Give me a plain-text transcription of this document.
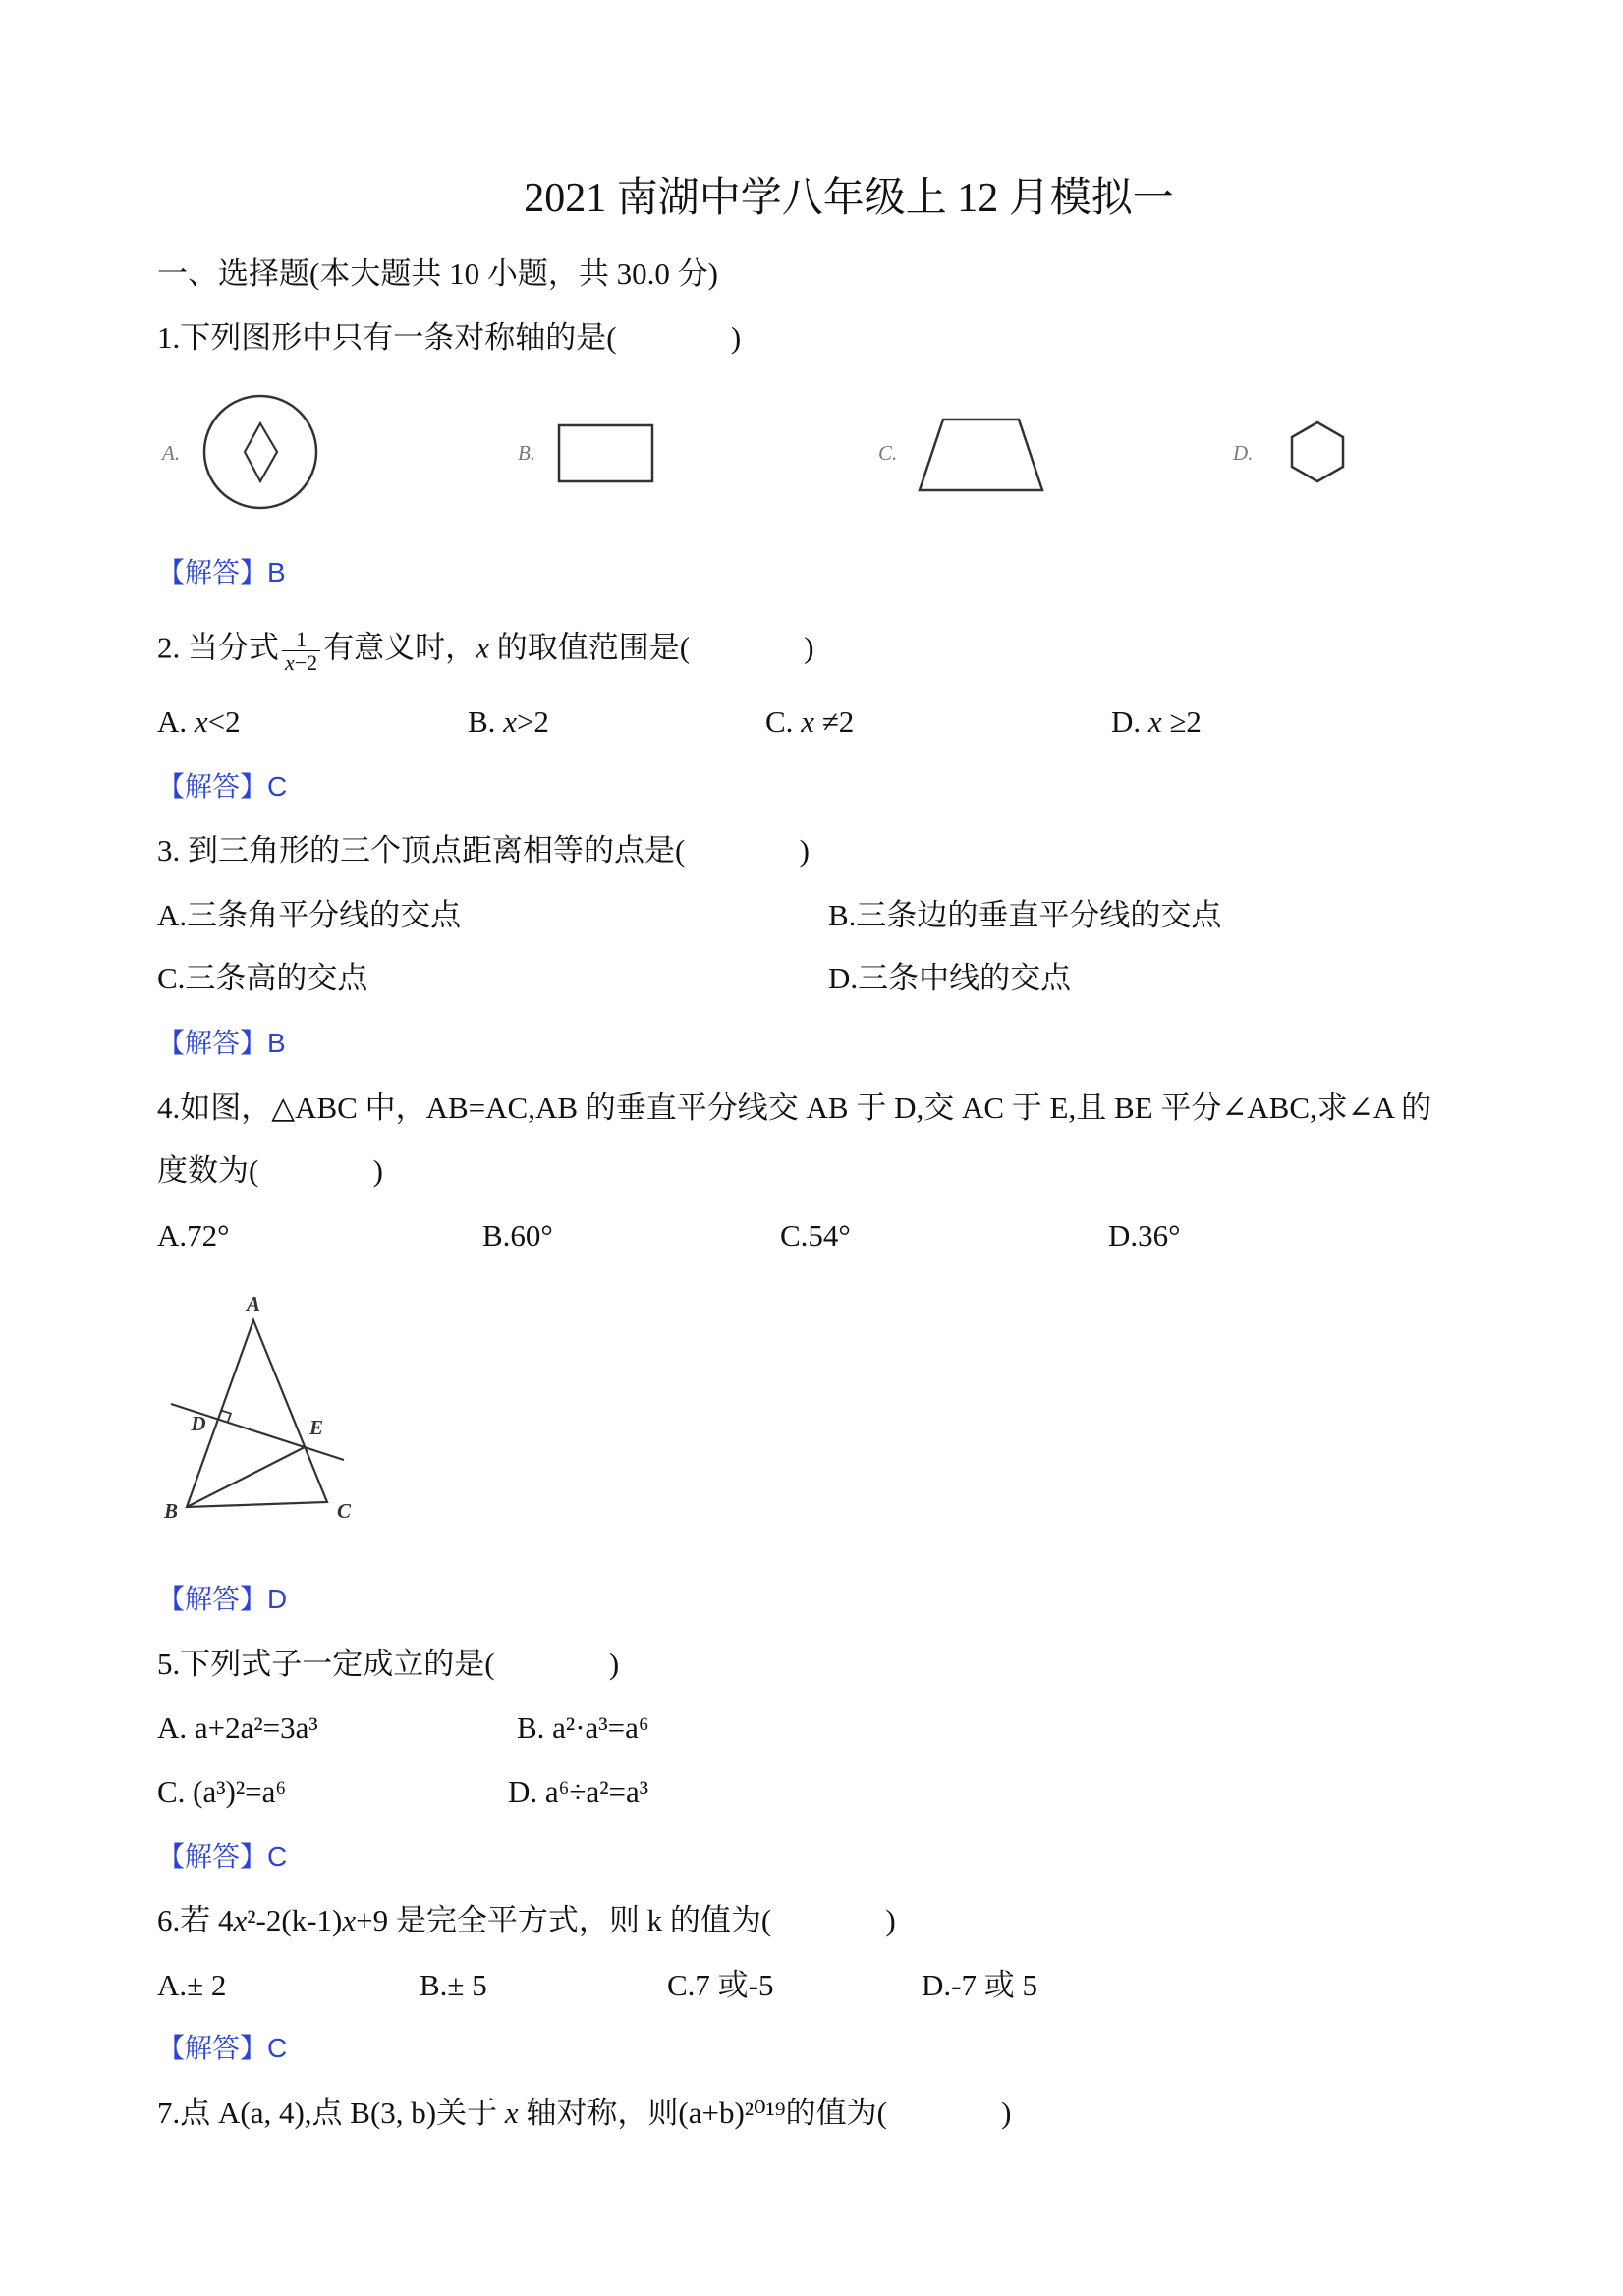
2021 南湖中学八年级上 12 月模拟一
一、选择题(本大题共 10 小题，共 30.0 分)
1.下列图形中只有一条对称轴的是(               )
A.	B.	C.	D.
【解答】B
2. 当分式 $\frac{1}{x-2}$ 有意义时，x 的取值范围是(               )
A. x<2	B. x>2	C. x ≠2	D. x ≥2
【解答】C
3. 到三角形的三个顶点距离相等的点是(               )
A.三条角平分线的交点	B.三条边的垂直平分线的交点
C.三条高的交点	D.三条中线的交点
【解答】B
4.如图，△ABC 中，AB=AC,AB 的垂直平分线交 AB 于 D,交 AC 于 E,且 BE 平分∠ABC,求∠A 的
度数为(               )
A.72°	B.60°	C.54°	D.36°
A
B	C
D	E
【解答】D
5.下列式子一定成立的是(               )
A. a+2a²=3a³	B. a²·a³=a⁶
C. (a³)²=a⁶	D. a⁶÷a²=a³
【解答】C
6.若 4x²-2(k-1)x+9 是完全平方式，则 k 的值为(               )
A.± 2	B.± 5	C.7 或-5	D.-7 或 5
【解答】C
7.点 A(a, 4),点 B(3, b)关于 x 轴对称，则(a+b)²⁰¹⁹的值为(               )
